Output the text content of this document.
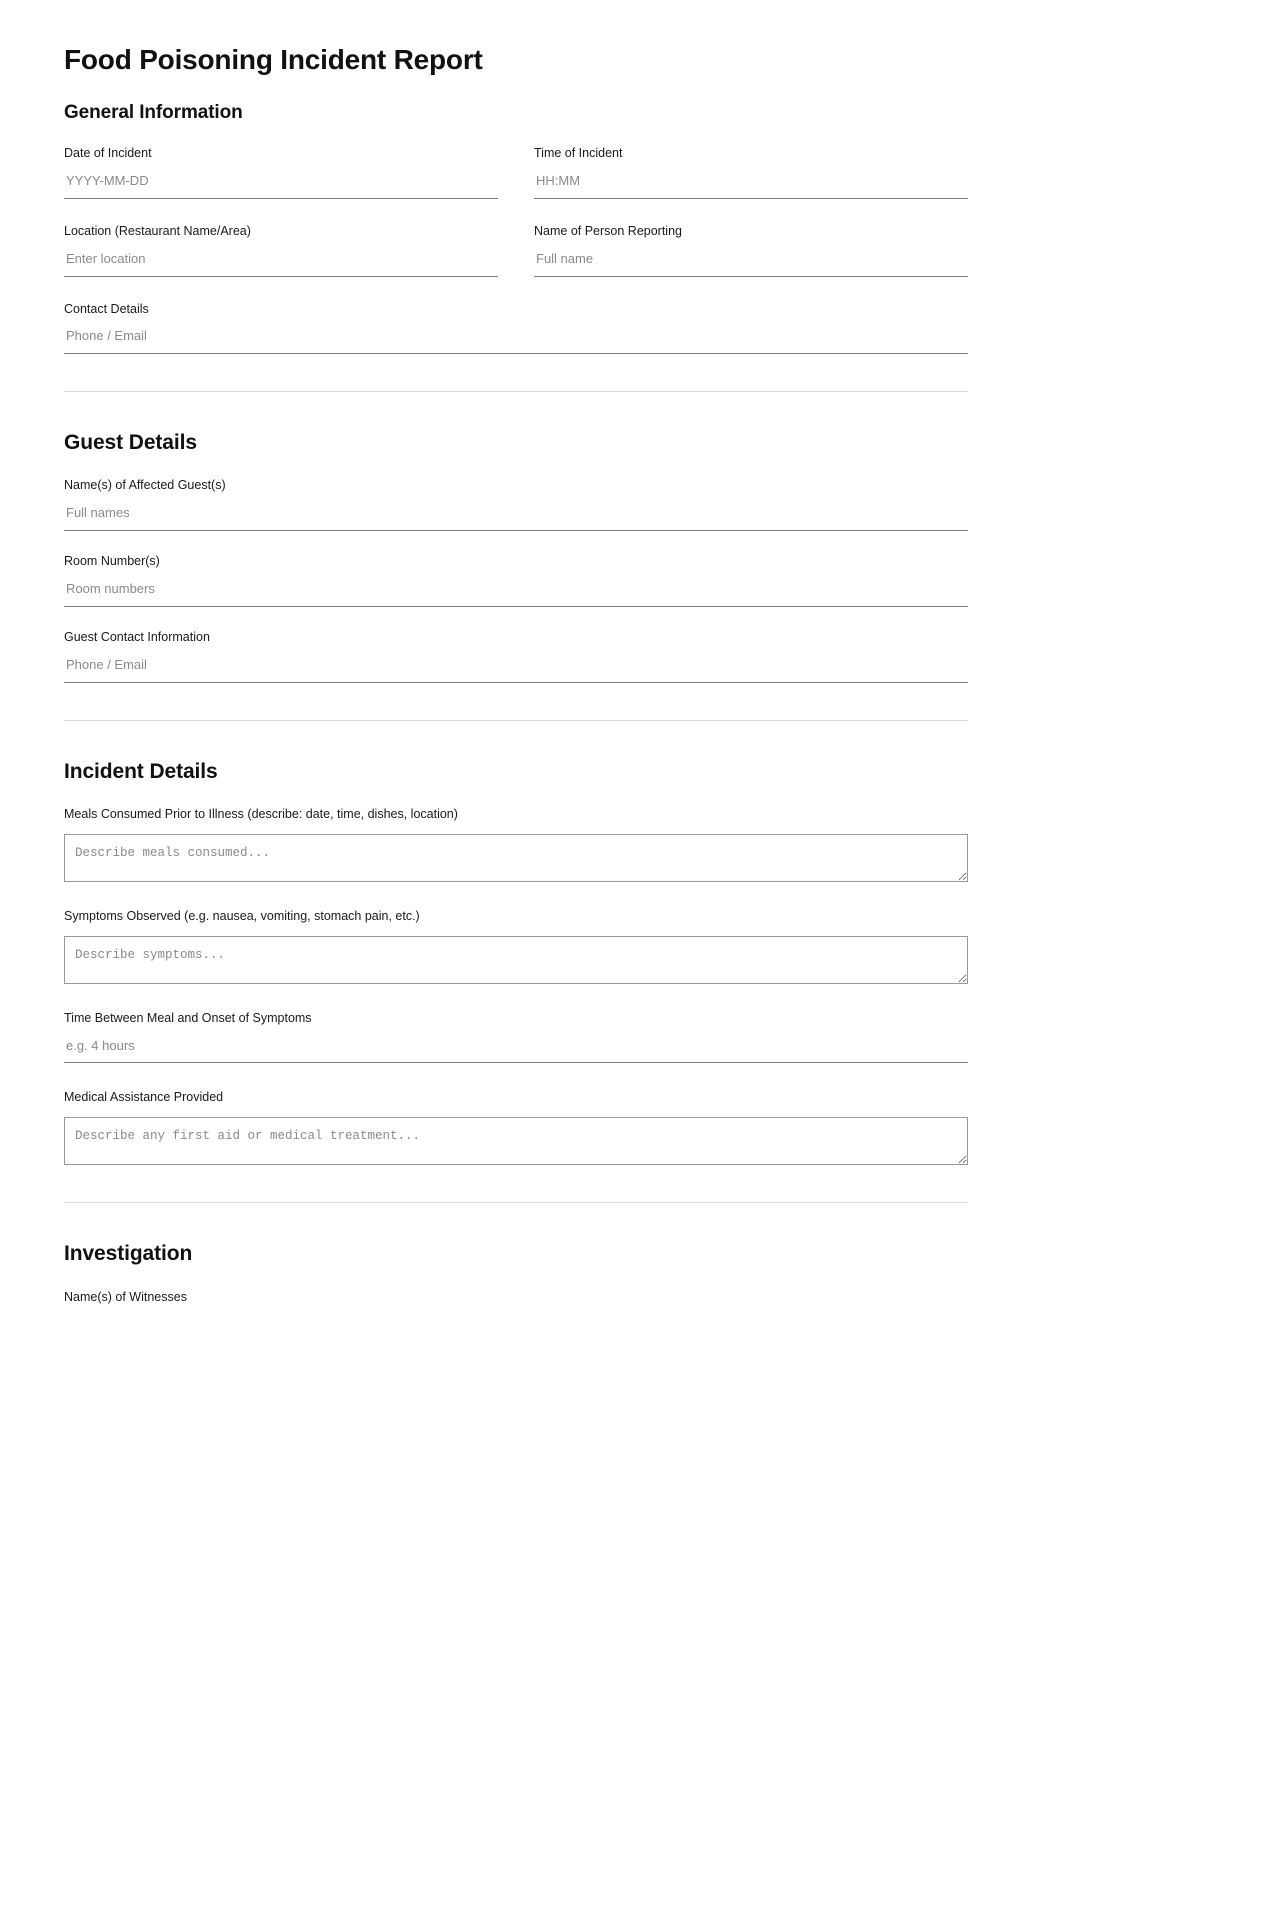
Food Poisoning Incident Report
General Information
Date of Incident
YYYY-MM-DD	Time of Incident
HH:MM
Location (Restaurant Name/Area)
Enter location	Name of Person Reporting
Full name
Contact Details
Phone / Email
Guest Details
Name(s) of Affected Guest(s)
Full names
Room Number(s)
Room numbers
Guest Contact Information
Phone / Email
Incident Details
Meals Consumed Prior to Illness (describe: date, time, dishes, location)
Describe meals consumed...
Symptoms Observed (e.g. nausea, vomiting, stomach pain, etc.)
Describe symptoms...
Time Between Meal and Onset of Symptoms
e.g. 4 hours
Medical Assistance Provided
Describe any first aid or medical treatment...
Investigation
Name(s) of Witnesses
